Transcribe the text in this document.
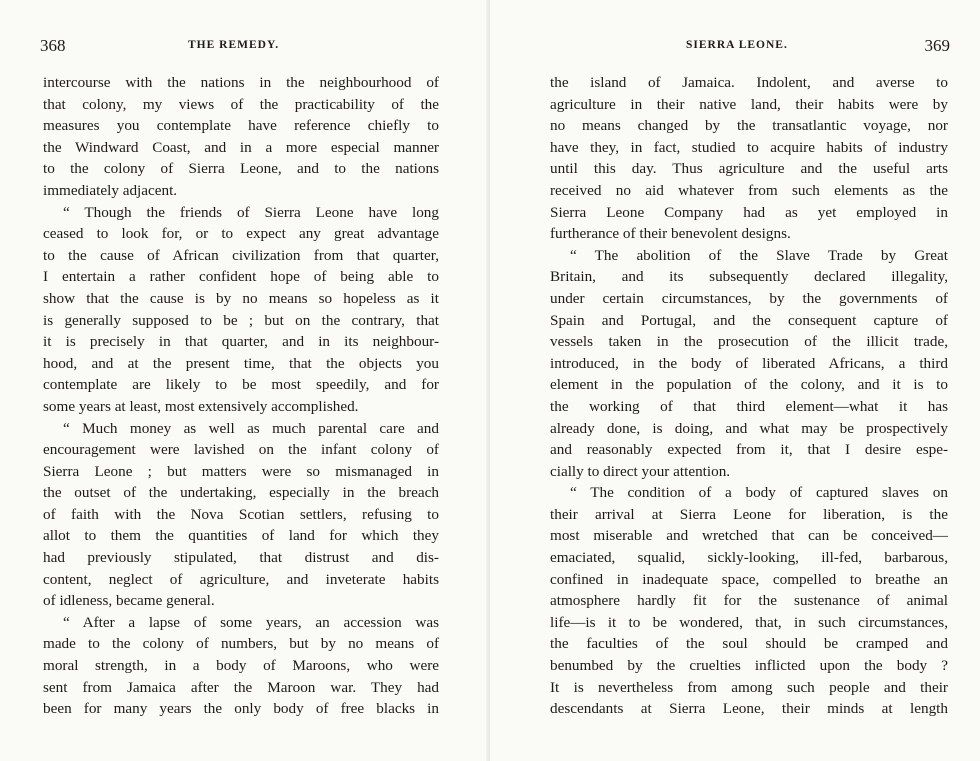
368	THE REMEDY.
intercourse with the nations in the neighbourhood of
that colony, my views of the practicability of the
measures you contemplate have reference chiefly to
the Windward Coast, and in a more especial manner
to the colony of Sierra Leone, and to the nations
immediately adjacent.
“ Though the friends of Sierra Leone have long
ceased to look for, or to expect any great advantage
to the cause of African civilization from that quarter,
I entertain a rather confident hope of being able to
show that the cause is by no means so hopeless as it
is generally supposed to be ; but on the contrary, that
it is precisely in that quarter, and in its neighbour-
hood, and at the present time, that the objects you
contemplate are likely to be most speedily, and for
some years at least, most extensively accomplished.
“ Much money as well as much parental care and
encouragement were lavished on the infant colony of
Sierra Leone ; but matters were so mismanaged in
the outset of the undertaking, especially in the breach
of faith with the Nova Scotian settlers, refusing to
allot to them the quantities of land for which they
had previously stipulated, that distrust and dis-
content, neglect of agriculture, and inveterate habits
of idleness, became general.
“ After a lapse of some years, an accession was
made to the colony of numbers, but by no means of
moral strength, in a body of Maroons, who were
sent from Jamaica after the Maroon war. They had
been for many years the only body of free blacks in
SIERRA LEONE.	369
the island of Jamaica. Indolent, and averse to
agriculture in their native land, their habits were by
no means changed by the transatlantic voyage, nor
have they, in fact, studied to acquire habits of industry
until this day. Thus agriculture and the useful arts
received no aid whatever from such elements as the
Sierra Leone Company had as yet employed in
furtherance of their benevolent designs.
“ The abolition of the Slave Trade by Great
Britain, and its subsequently declared illegality,
under certain circumstances, by the governments of
Spain and Portugal, and the consequent capture of
vessels taken in the prosecution of the illicit trade,
introduced, in the body of liberated Africans, a third
element in the population of the colony, and it is to
the working of that third element—what it has
already done, is doing, and what may be prospectively
and reasonably expected from it, that I desire espe-
cially to direct your attention.
“ The condition of a body of captured slaves on
their arrival at Sierra Leone for liberation, is the
most miserable and wretched that can be conceived—
emaciated, squalid, sickly-looking, ill-fed, barbarous,
confined in inadequate space, compelled to breathe an
atmosphere hardly fit for the sustenance of animal
life—is it to be wondered, that, in such circumstances,
the faculties of the soul should be cramped and
benumbed by the cruelties inflicted upon the body ?
It is nevertheless from among such people and their
descendants at Sierra Leone, their minds at length
